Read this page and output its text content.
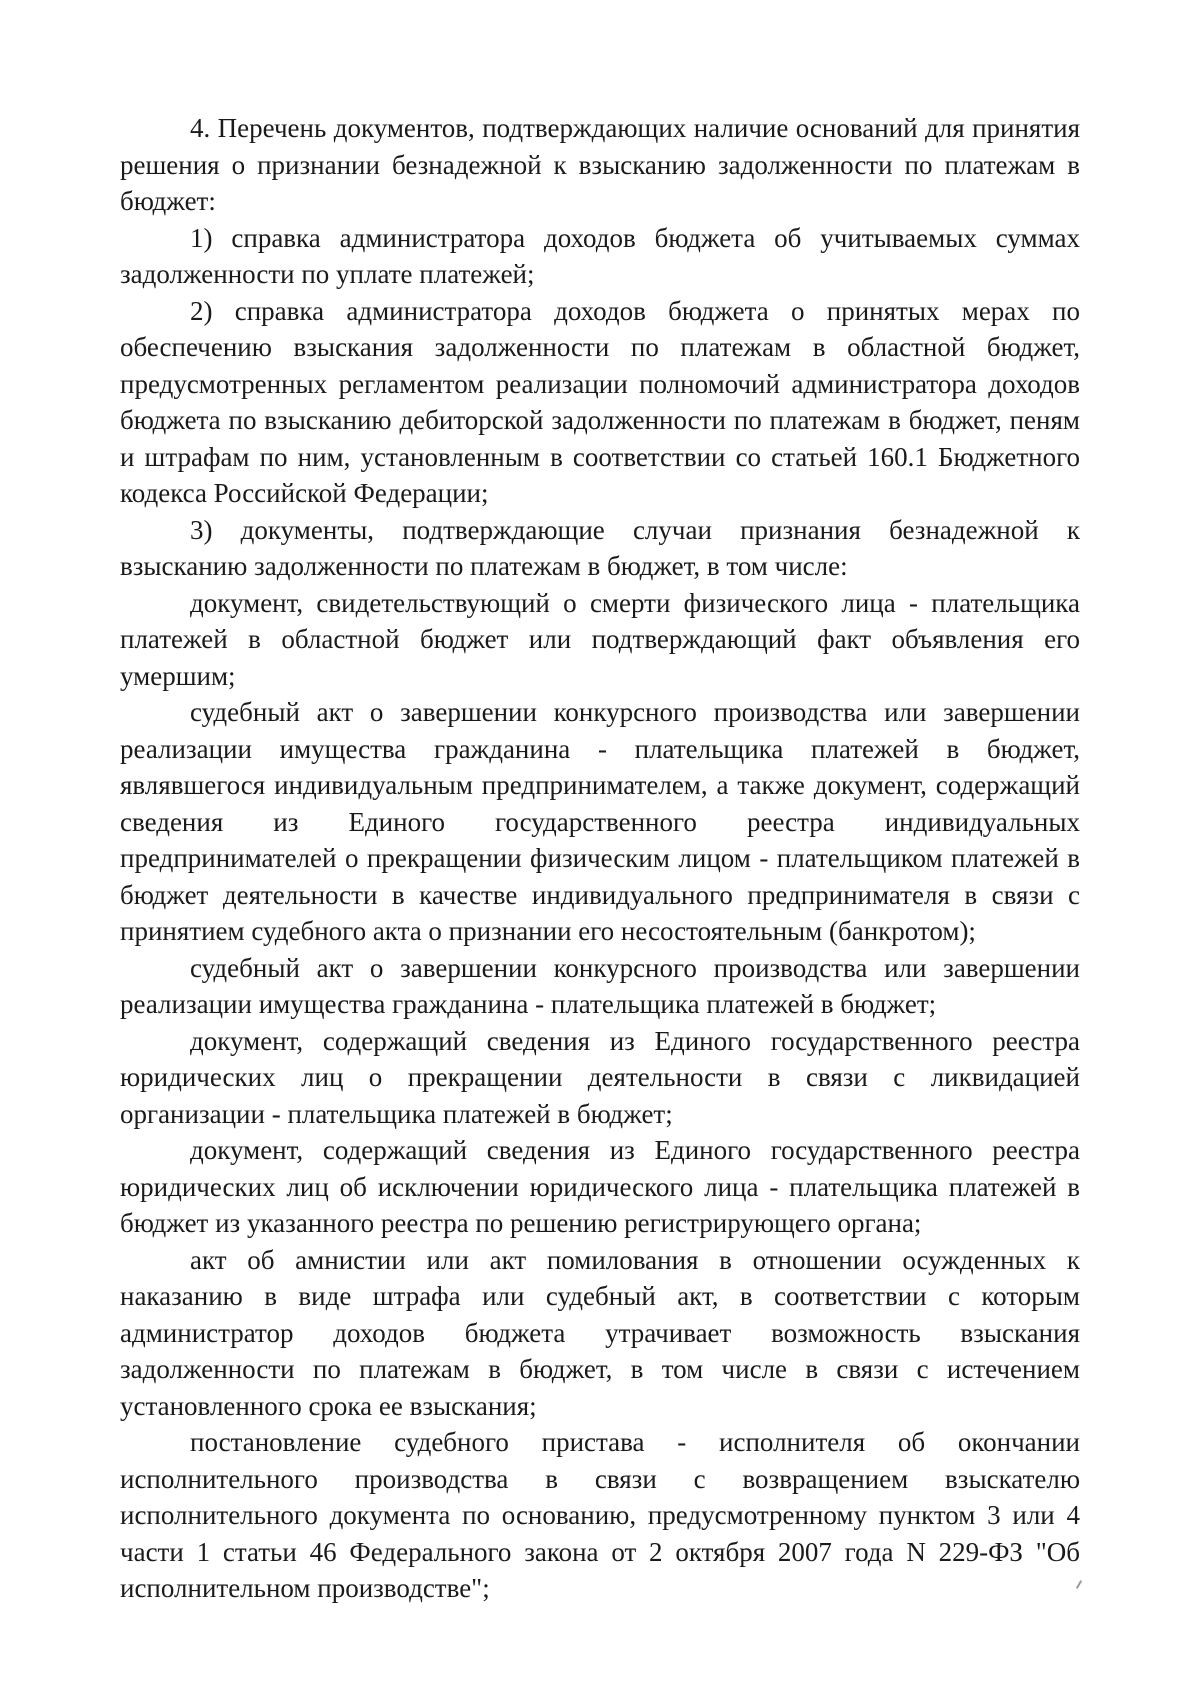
4. Перечень документов, подтверждающих наличие оснований для принятия решения о признании безнадежной к взысканию задолженности по платежам в бюджет:

1) справка администратора доходов бюджета об учитываемых суммах задолженности по уплате платежей;

2) справка администратора доходов бюджета о принятых мерах по обеспечению взыскания задолженности по платежам в областной бюджет, предусмотренных регламентом реализации полномочий администратора доходов бюджета по взысканию дебиторской задолженности по платежам в бюджет, пеням и штрафам по ним, установленным в соответствии со статьей 160.1 Бюджетного кодекса Российской Федерации;

3) документы, подтверждающие случаи признания безнадежной к взысканию задолженности по платежам в бюджет, в том числе:

документ, свидетельствующий о смерти физического лица - плательщика платежей в областной бюджет или подтверждающий факт объявления его умершим;

судебный акт о завершении конкурсного производства или завершении реализации имущества гражданина - плательщика платежей в бюджет, являвшегося индивидуальным предпринимателем, а также документ, содержащий сведения из Единого государственного реестра индивидуальных предпринимателей о прекращении физическим лицом - плательщиком платежей в бюджет деятельности в качестве индивидуального предпринимателя в связи с принятием судебного акта о признании его несостоятельным (банкротом);

судебный акт о завершении конкурсного производства или завершении реализации имущества гражданина - плательщика платежей в бюджет;

документ, содержащий сведения из Единого государственного реестра юридических лиц о прекращении деятельности в связи с ликвидацией организации - плательщика платежей в бюджет;

документ, содержащий сведения из Единого государственного реестра юридических лиц об исключении юридического лица - плательщика платежей в бюджет из указанного реестра по решению регистрирующего органа;

акт об амнистии или акт помилования в отношении осужденных к наказанию в виде штрафа или судебный акт, в соответствии с которым администратор доходов бюджета утрачивает возможность взыскания задолженности по платежам в бюджет, в том числе в связи с истечением установленного срока ее взыскания;

постановление судебного пристава - исполнителя об окончании исполнительного производства в связи с возвращением взыскателю исполнительного документа по основанию, предусмотренному пунктом 3 или 4 части 1 статьи 46 Федерального закона от 2 октября 2007 года N 229-ФЗ "Об исполнительном производстве";
